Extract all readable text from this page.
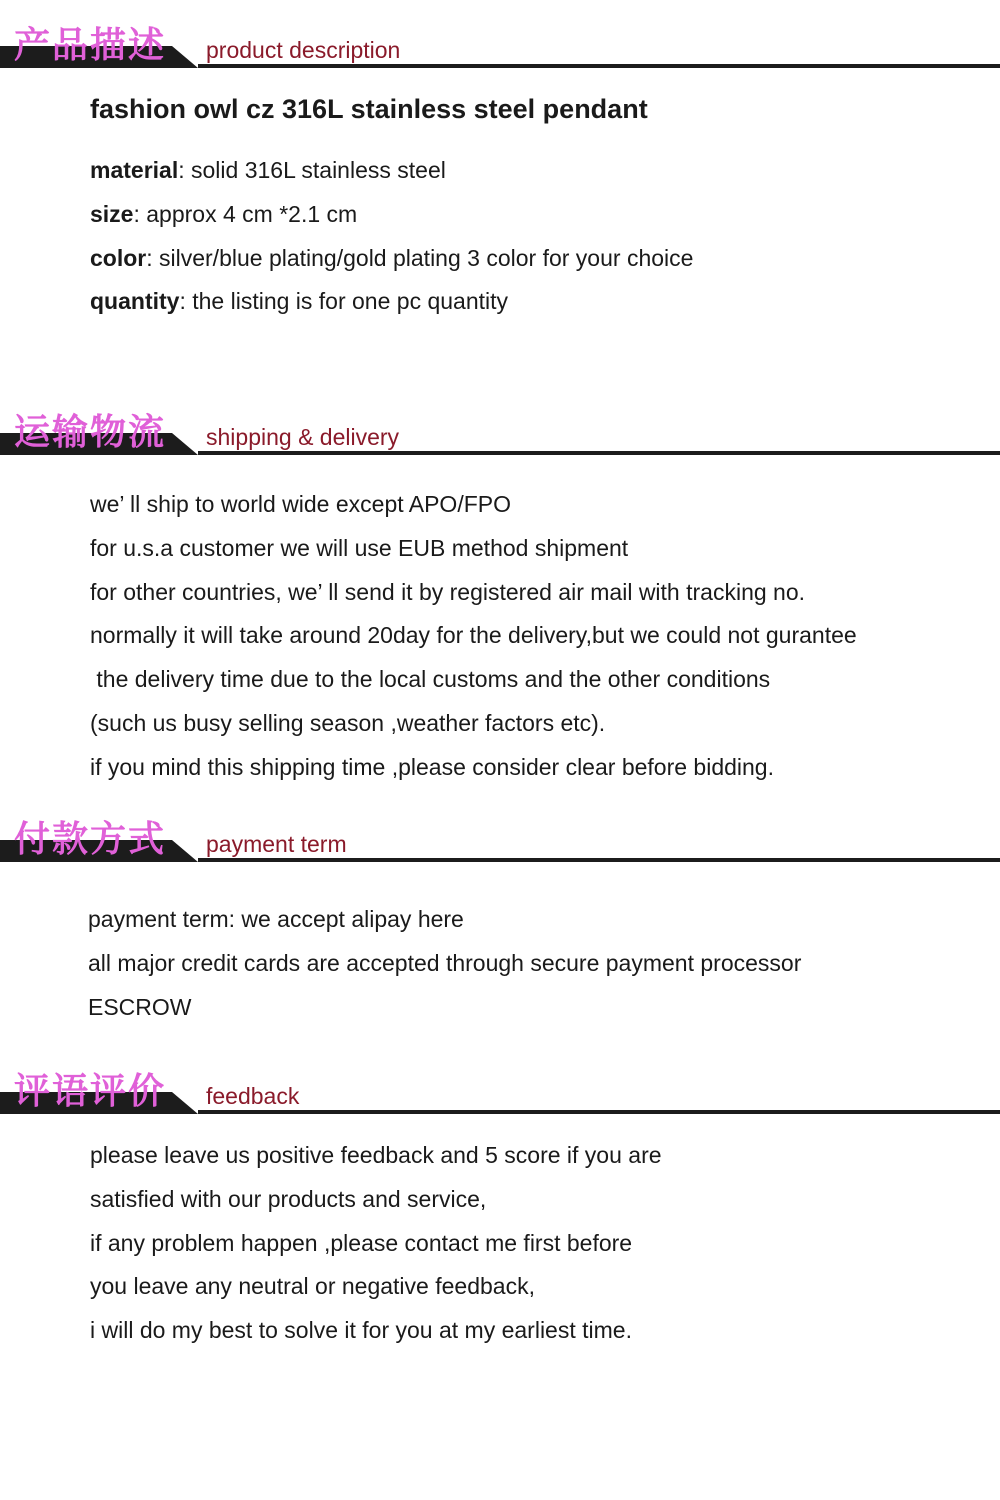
产品描述 product description
fashion owl cz 316L stainless steel pendant
material: solid 316L stainless steel
size: approx 4 cm *2.1 cm
color: silver/blue plating/gold plating 3 color for your choice
quantity: the listing is for one pc quantity
运输物流 shipping & delivery
we’ ll ship to world wide except APO/FPO
for u.s.a customer we will use EUB method shipment
for other countries, we’ ll send it by registered air mail with tracking no.
normally it will take around 20day for the delivery,but we could not gurantee
the delivery time due to the local customs and the other conditions
(such us busy selling season ,weather factors etc).
if you mind this shipping time ,please consider clear before bidding.
付款方式 payment term
payment term: we accept alipay here
all major credit cards are accepted through secure payment processor
ESCROW
评语评价 feedback
please leave us positive feedback and 5 score if you are
satisfied with our products and service,
if any problem happen ,please contact me first before
you leave any neutral or negative feedback,
i will do my best to solve it for you at my earliest time.
